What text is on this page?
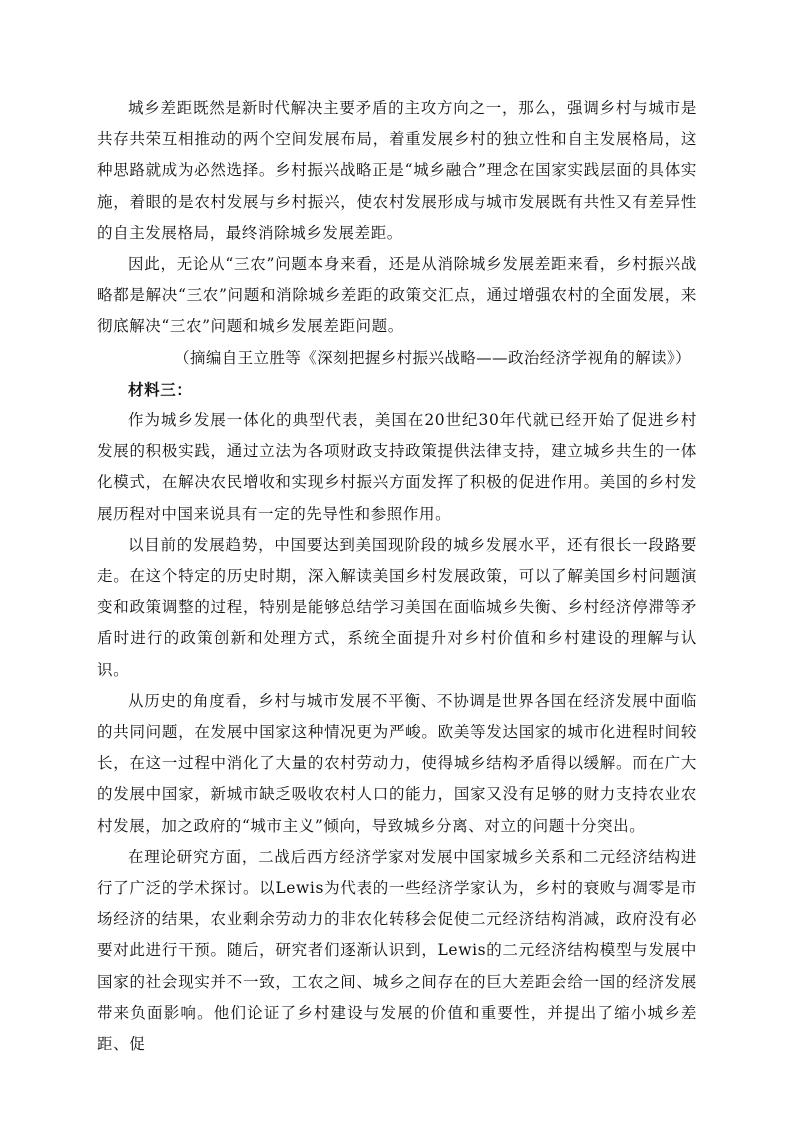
城乡差距既然是新时代解决主要矛盾的主攻方向之一，那么，强调乡村与城市是共存共荣互相推动的两个空间发展布局，着重发展乡村的独立性和自主发展格局，这种思路就成为必然选择。乡村振兴战略正是“城乡融合”理念在国家实践层面的具体实施，着眼的是农村发展与乡村振兴，使农村发展形成与城市发展既有共性又有差异性的自主发展格局，最终消除城乡发展差距。

因此，无论从“三农”问题本身来看，还是从消除城乡发展差距来看，乡村振兴战略都是解决“三农”问题和消除城乡差距的政策交汇点，通过增强农村的全面发展，来彻底解决“三农”问题和城乡发展差距问题。

（摘编自王立胜等《深刻把握乡村振兴战略——政治经济学视角的解读》）

材料三：

作为城乡发展一体化的典型代表，美国在20世纪30年代就已经开始了促进乡村发展的积极实践，通过立法为各项财政支持政策提供法律支持，建立城乡共生的一体化模式，在解决农民增收和实现乡村振兴方面发挥了积极的促进作用。美国的乡村发展历程对中国来说具有一定的先导性和参照作用。

以目前的发展趋势，中国要达到美国现阶段的城乡发展水平，还有很长一段路要走。在这个特定的历史时期，深入解读美国乡村发展政策，可以了解美国乡村问题演变和政策调整的过程，特别是能够总结学习美国在面临城乡失衡、乡村经济停滞等矛盾时进行的政策创新和处理方式，系统全面提升对乡村价值和乡村建设的理解与认识。

从历史的角度看，乡村与城市发展不平衡、不协调是世界各国在经济发展中面临的共同问题，在发展中国家这种情况更为严峻。欧美等发达国家的城市化进程时间较长，在这一过程中消化了大量的农村劳动力，使得城乡结构矛盾得以缓解。而在广大的发展中国家，新城市缺乏吸收农村人口的能力，国家又没有足够的财力支持农业农村发展，加之政府的“城市主义”倾向，导致城乡分离、对立的问题十分突出。

在理论研究方面，二战后西方经济学家对发展中国家城乡关系和二元经济结构进行了广泛的学术探讨。以Lewis为代表的一些经济学家认为，乡村的衰败与凋零是市场经济的结果，农业剩余劳动力的非农化转移会促使二元经济结构消减，政府没有必要对此进行干预。随后，研究者们逐渐认识到，Lewis的二元经济结构模型与发展中国家的社会现实并不一致，工农之间、城乡之间存在的巨大差距会给一国的经济发展带来负面影响。他们论证了乡村建设与发展的价值和重要性，并提出了缩小城乡差距、促
